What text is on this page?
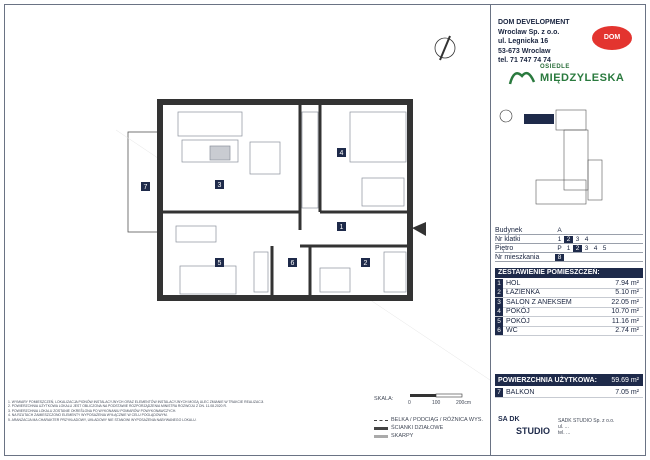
1
2
3
4
5	6
7
DOM DEVELOPMENT
Wroclaw Sp. z o.o.
ul. Legnicka 16
53-673 Wroclaw
tel. 71 747 74 74
DOM
OSIEDLE
MIĘDZYLESKA
Budynek	A
Nr klatki	1 2 3 4
Piętro	P 1 2 3 4 5
Nr mieszkania	8
ZESTAWIENIE POMIESZCZEŃ:
1 HOL	7.94 m²
2 ŁAZIENKA	5.10 m²
3 SALON Z ANEKSEM	22.05 m²
4 POKÓJ	10.70 m²
5 POKÓJ	11.16 m²
6 WC	2.74 m²
POWIERZCHNIA UŻYTKOWA:	59.69 m²
7 BALKON	7.05 m²
1. WYMIARY POMIESZCZEŃ, LOKALIZACJA PIONÓW INSTALACYJNYCH ORAZ ELEMENTÓW INSTALACYJNYCH MOGĄ ULEC ZMIANIE W TRAKCIE REALIZACJI.
2. POWIERZCHNIA UŻYTKOWA LOKALU JEST OBLICZONA NA PODSTAWIE ROZPORZĄDZENIA MINISTRA ROZWOJU Z DN. 11.08.2020 R.
3. POWIERZCHNIA LOKALU ZOSTANIE OKREŚLONA PO WYKONANIU POMIARÓW POWYKONAWCZYCH.
4. NA RZUTACH ZAMIESZCZONO ELEMENTY WYPOSAŻENIA WYŁĄCZNIE W CELU POGLĄDOWYM.
5. ARANŻACJA MA CHARAKTER PRZYKŁADOWY, UKŁADOWY NIE STANOWI WYPOSAŻENIA NABYWANEGO LOKALU.
SKALA:
0	100	200cm
BELKA / PODCIĄG / RÓŻNICA WYS.
ŚCIANKI DZIAŁOWE
SKARPY
SA DK
STUDIO
SADK STUDIO Sp. z o.o.
ul. ...
tel. ...
